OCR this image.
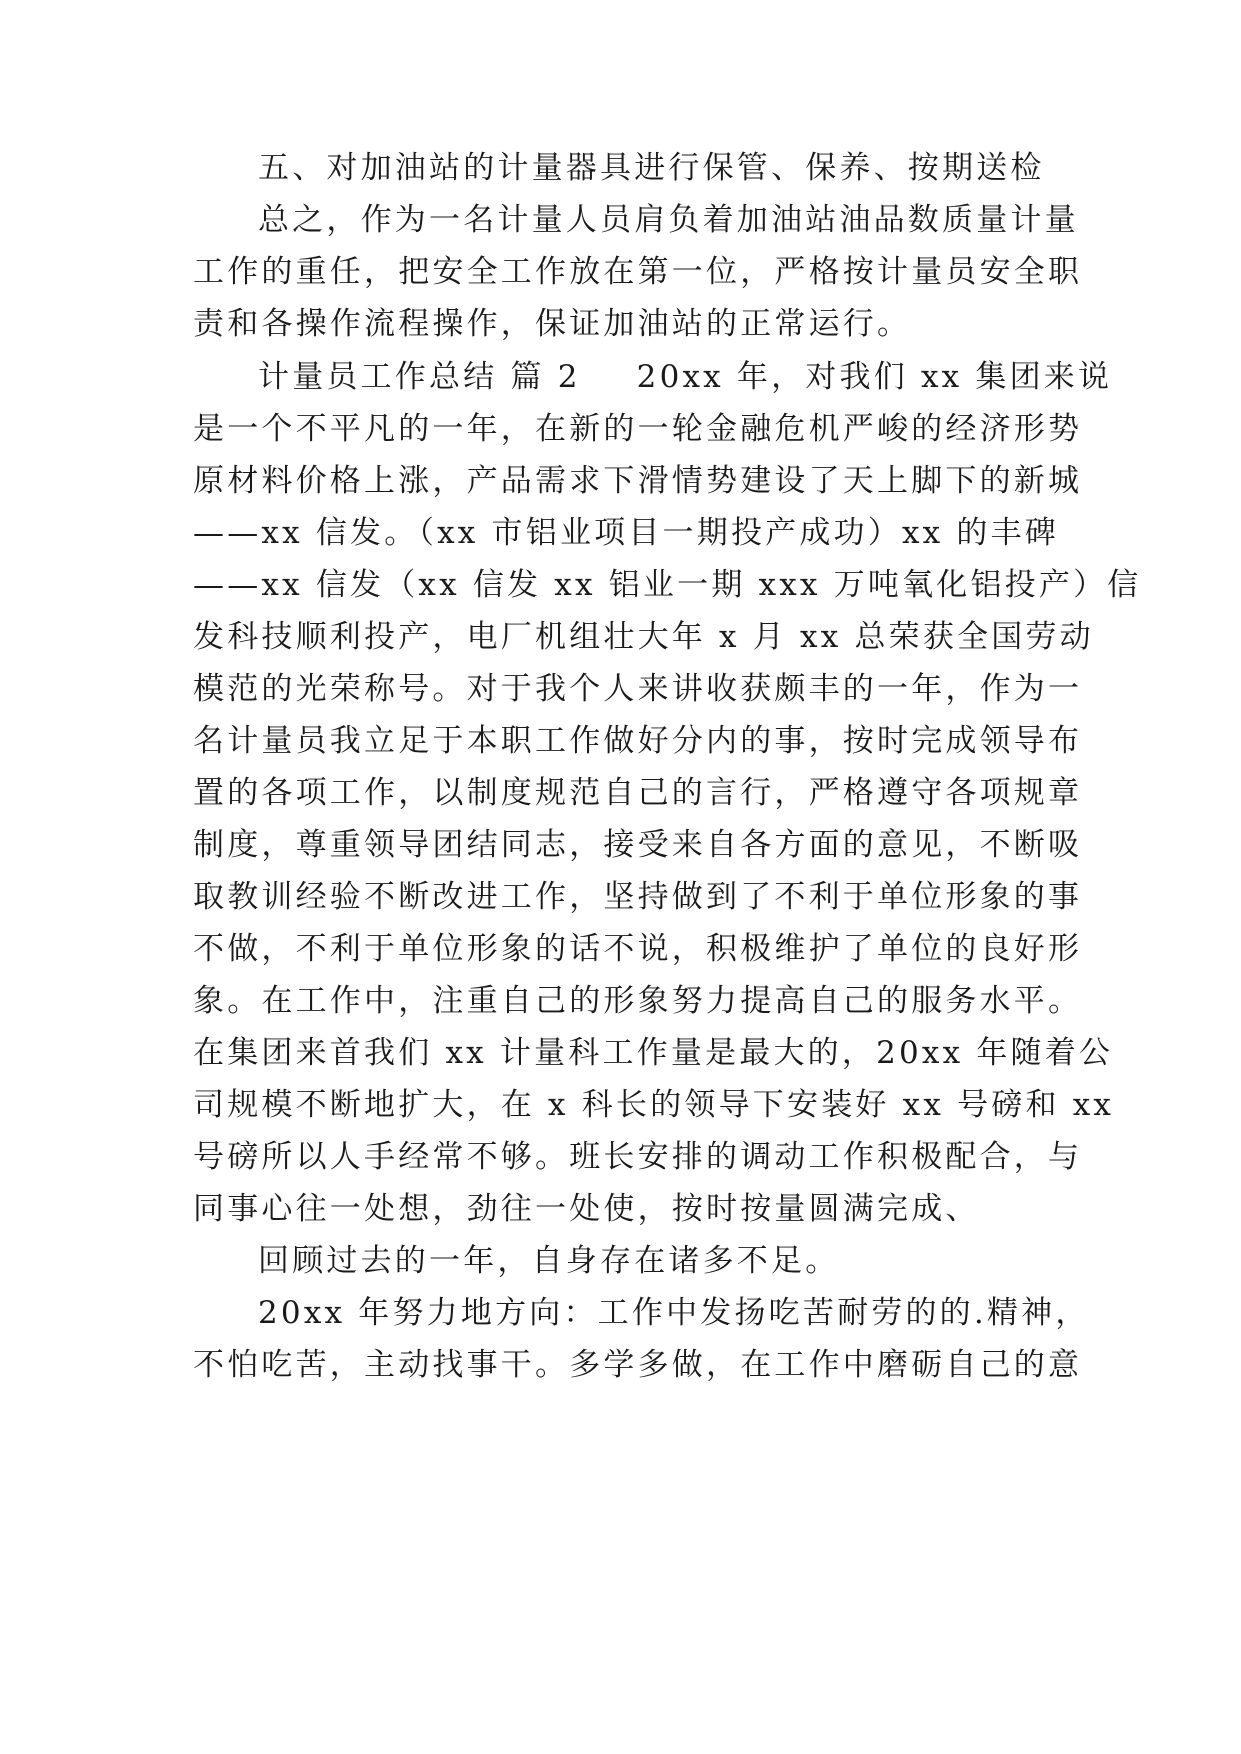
五、对加油站的计量器具进行保管、保养、按期送检
总之，作为一名计量人员肩负着加油站油品数质量计量
工作的重任，把安全工作放在第一位，严格按计量员安全职
责和各操作流程操作，保证加油站的正常运行。
计量员工作总结 篇 2 20xx 年，对我们 xx 集团来说
是一个不平凡的一年，在新的一轮金融危机严峻的经济形势
原材料价格上涨，产品需求下滑情势建设了天上脚下的新城
——xx 信发。（xx 市铝业项目一期投产成功）xx 的丰碑
——xx 信发（xx 信发 xx 铝业一期 xxx 万吨氧化铝投产）信
发科技顺利投产，电厂机组壮大年 x 月 xx 总荣获全国劳动
模范的光荣称号。对于我个人来讲收获颇丰的一年，作为一
名计量员我立足于本职工作做好分内的事，按时完成领导布
置的各项工作，以制度规范自己的言行，严格遵守各项规章
制度，尊重领导团结同志，接受来自各方面的意见，不断吸
取教训经验不断改进工作，坚持做到了不利于单位形象的事
不做，不利于单位形象的话不说，积极维护了单位的良好形
象。在工作中，注重自己的形象努力提高自己的服务水平。
在集团来首我们 xx 计量科工作量是最大的，20xx 年随着公
司规模不断地扩大，在 x 科长的领导下安装好 xx 号磅和 xx
号磅所以人手经常不够。班长安排的调动工作积极配合，与
同事心往一处想，劲往一处使，按时按量圆满完成、
回顾过去的一年，自身存在诸多不足。
20xx 年努力地方向：工作中发扬吃苦耐劳的的.精神，
不怕吃苦，主动找事干。多学多做，在工作中磨砺自己的意
